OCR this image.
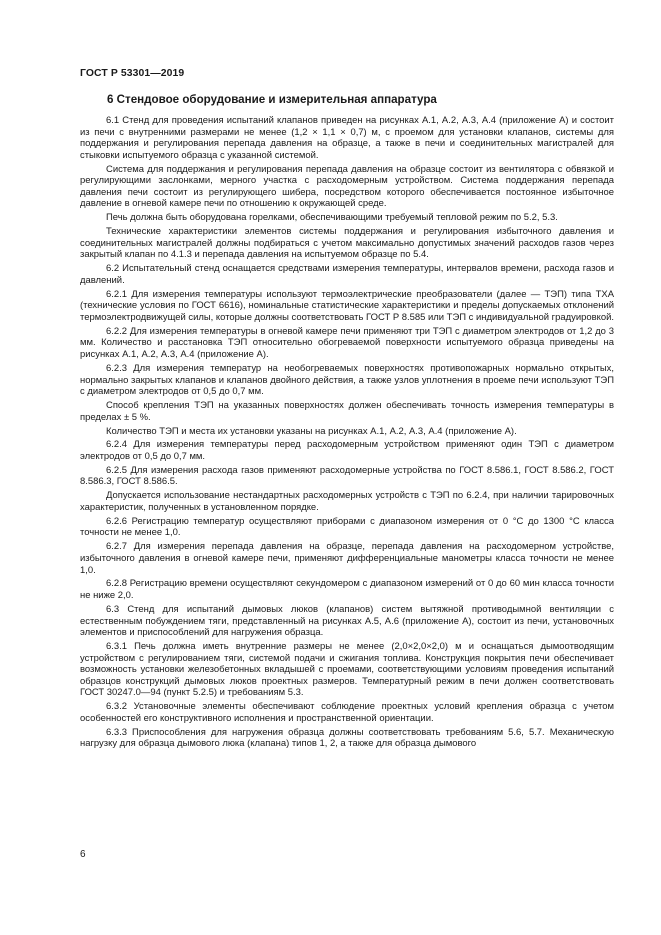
ГОСТ Р 53301—2019
6 Стендовое оборудование и измерительная аппаратура

6.1 Стенд для проведения испытаний клапанов приведен на рисунках А.1, А.2, А.3, А.4 (приложение А) и состоит из печи с внутренними размерами не менее (1,2 × 1,1 × 0,7) м, с проемом для установки клапанов, системы для поддержания и регулирования перепада давления на образце, а также в печи и соединительных магистралей для стыковки испытуемого образца с указанной системой.

Система для поддержания и регулирования перепада давления на образце состоит из вентилятора с обвязкой и регулирующими заслонками, мерного участка с расходомерным устройством. Система поддержания перепада давления печи состоит из регулирующего шибера, посредством которого обеспечивается постоянное избыточное давление в огневой камере печи по отношению к окружающей среде.

Печь должна быть оборудована горелками, обеспечивающими требуемый тепловой режим по 5.2, 5.3.

Технические характеристики элементов системы поддержания и регулирования избыточного давления и соединительных магистралей должны подбираться с учетом максимально допустимых значений расходов газов через закрытый клапан по 4.1.3 и перепада давления на испытуемом образце по 5.4.

6.2 Испытательный стенд оснащается средствами измерения температуры, интервалов времени, расхода газов и давлений.

6.2.1 Для измерения температуры используют термоэлектрические преобразователи (далее — ТЭП) типа ТХА (технические условия по ГОСТ 6616), номинальные статистические характеристики и пределы допускаемых отклонений термоэлектродвижущей силы, которые должны соответствовать ГОСТ Р 8.585 или ТЭП с индивидуальной градуировкой.

6.2.2 Для измерения температуры в огневой камере печи применяют три ТЭП с диаметром электродов от 1,2 до 3 мм. Количество и расстановка ТЭП относительно обогреваемой поверхности испытуемого образца приведены на рисунках А.1, А.2, А.3, А.4 (приложение А).

6.2.3 Для измерения температур на необогреваемых поверхностях противопожарных нормально открытых, нормально закрытых клапанов и клапанов двойного действия, а также узлов уплотнения в проеме печи используют ТЭП с диаметром электродов от 0,5 до 0,7 мм.

Способ крепления ТЭП на указанных поверхностях должен обеспечивать точность измерения температуры в пределах ± 5 %.

Количество ТЭП и места их установки указаны на рисунках А.1, А.2, А.3, А.4 (приложение А).

6.2.4 Для измерения температуры перед расходомерным устройством применяют один ТЭП с диаметром электродов от 0,5 до 0,7 мм.

6.2.5 Для измерения расхода газов применяют расходомерные устройства по ГОСТ 8.586.1, ГОСТ 8.586.2, ГОСТ 8.586.3, ГОСТ 8.586.5.

Допускается использование нестандартных расходомерных устройств с ТЭП по 6.2.4, при наличии тарировочных характеристик, полученных в установленном порядке.

6.2.6 Регистрацию температур осуществляют приборами с диапазоном измерения от 0 °С до 1300 °С класса точности не менее 1,0.

6.2.7 Для измерения перепада давления на образце, перепада давления на расходомерном устройстве, избыточного давления в огневой камере печи, применяют дифференциальные манометры класса точности не менее 1,0.

6.2.8 Регистрацию времени осуществляют секундомером с диапазоном измерений от 0 до 60 мин класса точности не ниже 2,0.

6.3 Стенд для испытаний дымовых люков (клапанов) систем вытяжной противодымной вентиляции с естественным побуждением тяги, представленный на рисунках А.5, А.6 (приложение А), состоит из печи, установочных элементов и приспособлений для нагружения образца.

6.3.1 Печь должна иметь внутренние размеры не менее (2,0×2,0×2,0) м и оснащаться дымоотводящим устройством с регулированием тяги, системой подачи и сжигания топлива. Конструкция покрытия печи обеспечивает возможность установки железобетонных вкладышей с проемами, соответствующими условиям проведения испытаний образцов конструкций дымовых люков проектных размеров. Температурный режим в печи должен соответствовать ГОСТ 30247.0—94 (пункт 5.2.5) и требованиям 5.3.

6.3.2 Установочные элементы обеспечивают соблюдение проектных условий крепления образца с учетом особенностей его конструктивного исполнения и пространственной ориентации.

6.3.3 Приспособления для нагружения образца должны соответствовать требованиям 5.6, 5.7. Механическую нагрузку для образца дымового люка (клапана) типов 1, 2, а также для образца дымового

6
